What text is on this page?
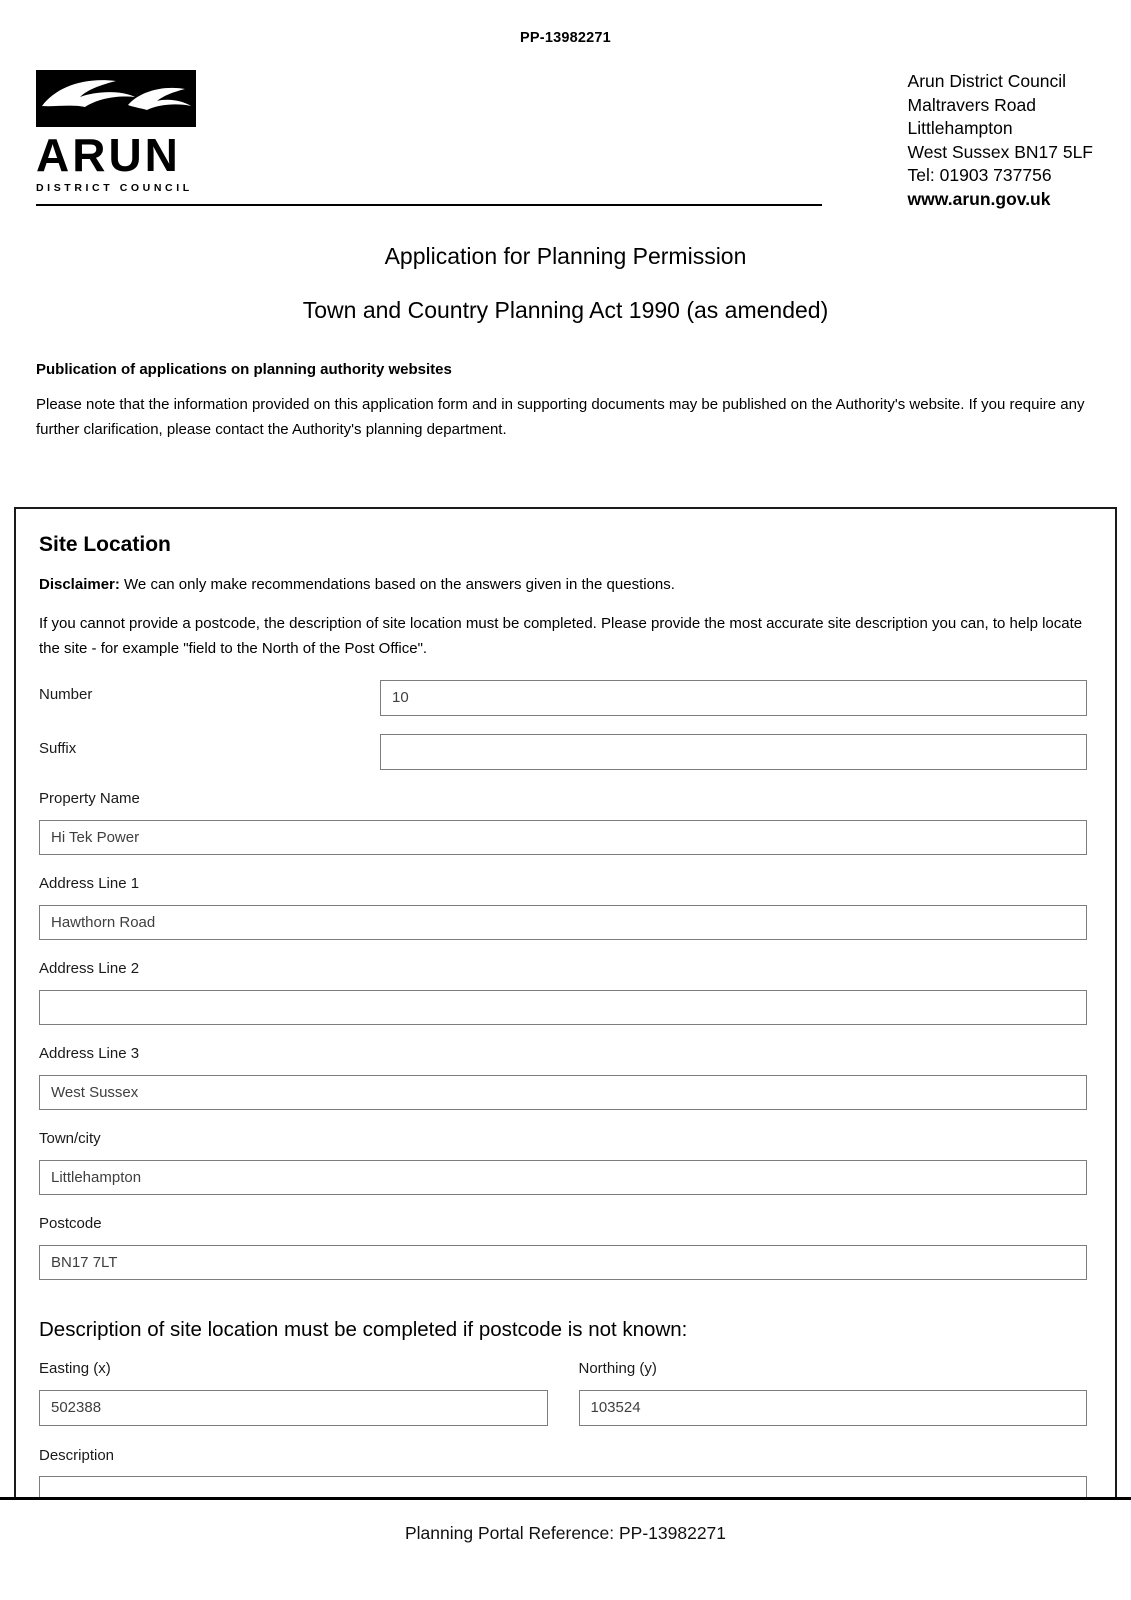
PP-13982271
ARUN
DISTRICT COUNCIL
Arun District Council
Maltravers Road
Littlehampton
West Sussex BN17 5LF
Tel: 01903 737756
www.arun.gov.uk
Application for Planning Permission
Town and Country Planning Act 1990 (as amended)
Publication of applications on planning authority websites
Please note that the information provided on this application form and in supporting documents may be published on the Authority's website. If you require any further clarification, please contact the Authority's planning department.
Site Location
Disclaimer: We can only make recommendations based on the answers given in the questions.
If you cannot provide a postcode, the description of site location must be completed. Please provide the most accurate site description you can, to help locate the site - for example "field to the North of the Post Office".
Number
10
Suffix
Property Name
Hi Tek Power
Address Line 1
Hawthorn Road
Address Line 2
Address Line 3
West Sussex
Town/city
Littlehampton
Postcode
BN17 7LT
Description of site location must be completed if postcode is not known:
Easting (x)
502388	Northing (y)
103524
Description
Planning Portal Reference: PP-13982271
